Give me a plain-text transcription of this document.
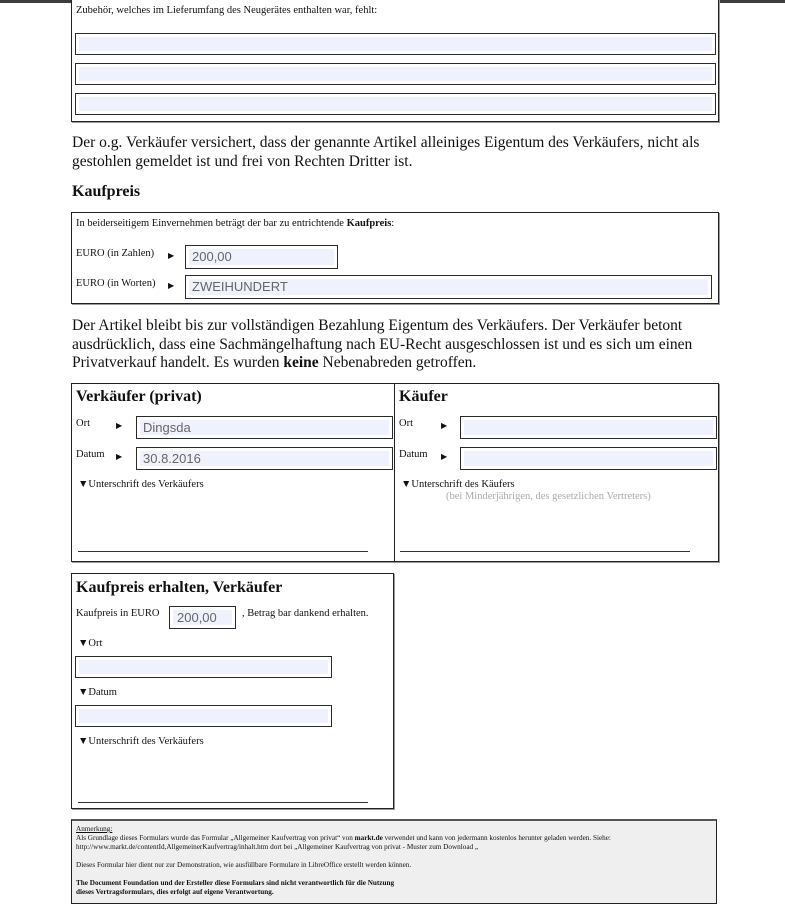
Zubehör, welches im Lieferumfang des Neugerätes enthalten war, fehlt:
Der o.g. Verkäufer versichert, dass der genannte Artikel alleiniges Eigentum des Verkäufers, nicht als gestohlen gemeldet ist und frei von Rechten Dritter ist.
Kaufpreis
In beiderseitigem Einvernehmen beträgt der bar zu entrichtende Kaufpreis:
EURO (in Zahlen) ▶ 200,00
EURO (in Worten) ▶ ZWEIHUNDERT
Der Artikel bleibt bis zur vollständigen Bezahlung Eigentum des Verkäufers. Der Verkäufer betont ausdrücklich, dass eine Sachmängelhaftung nach EU-Recht ausgeschlossen ist und es sich um einen Privatverkauf handelt. Es wurden keine Nebenabreden getroffen.
Verkäufer (privat)
Ort	▶ Dingsda
Datum ▶ 30.8.2016
▼Unterschrift des Verkäufers
Käufer
Ort	▶
Datum ▶
▼Unterschrift des Käufers
(bei Minderjährigen, des gesetzlichen Vertreters)
Kaufpreis erhalten, Verkäufer
Kaufpreis in EURO	200,00	, Betrag bar dankend erhalten.
▼Ort
▼Datum
▼Unterschrift des Verkäufers

Anmerkung:

Als Grundlage dieses Formulars wurde das Formular „Allgemeiner Kaufvertrag von privat“ von markt.de verwendet und kann von jedermann kostenlos herunter geladen werden. Siehe:

http://www.markt.de/contentId,AllgemeinerKaufvertrag/inhalt.htm dort bei „Allgemeiner Kaufvertrag von privat - Muster zum Download „

Dieses Formular hier dient nur zur Demonstration, wie ausfüllbare Formulare in LibreOffice erstellt werden können.

The Document Foundation und der Ersteller diese Formulars sind nicht verantwortlich für die Nutzung

dieses Vertragsformulars, dies erfolgt auf eigene Verantwortung.
